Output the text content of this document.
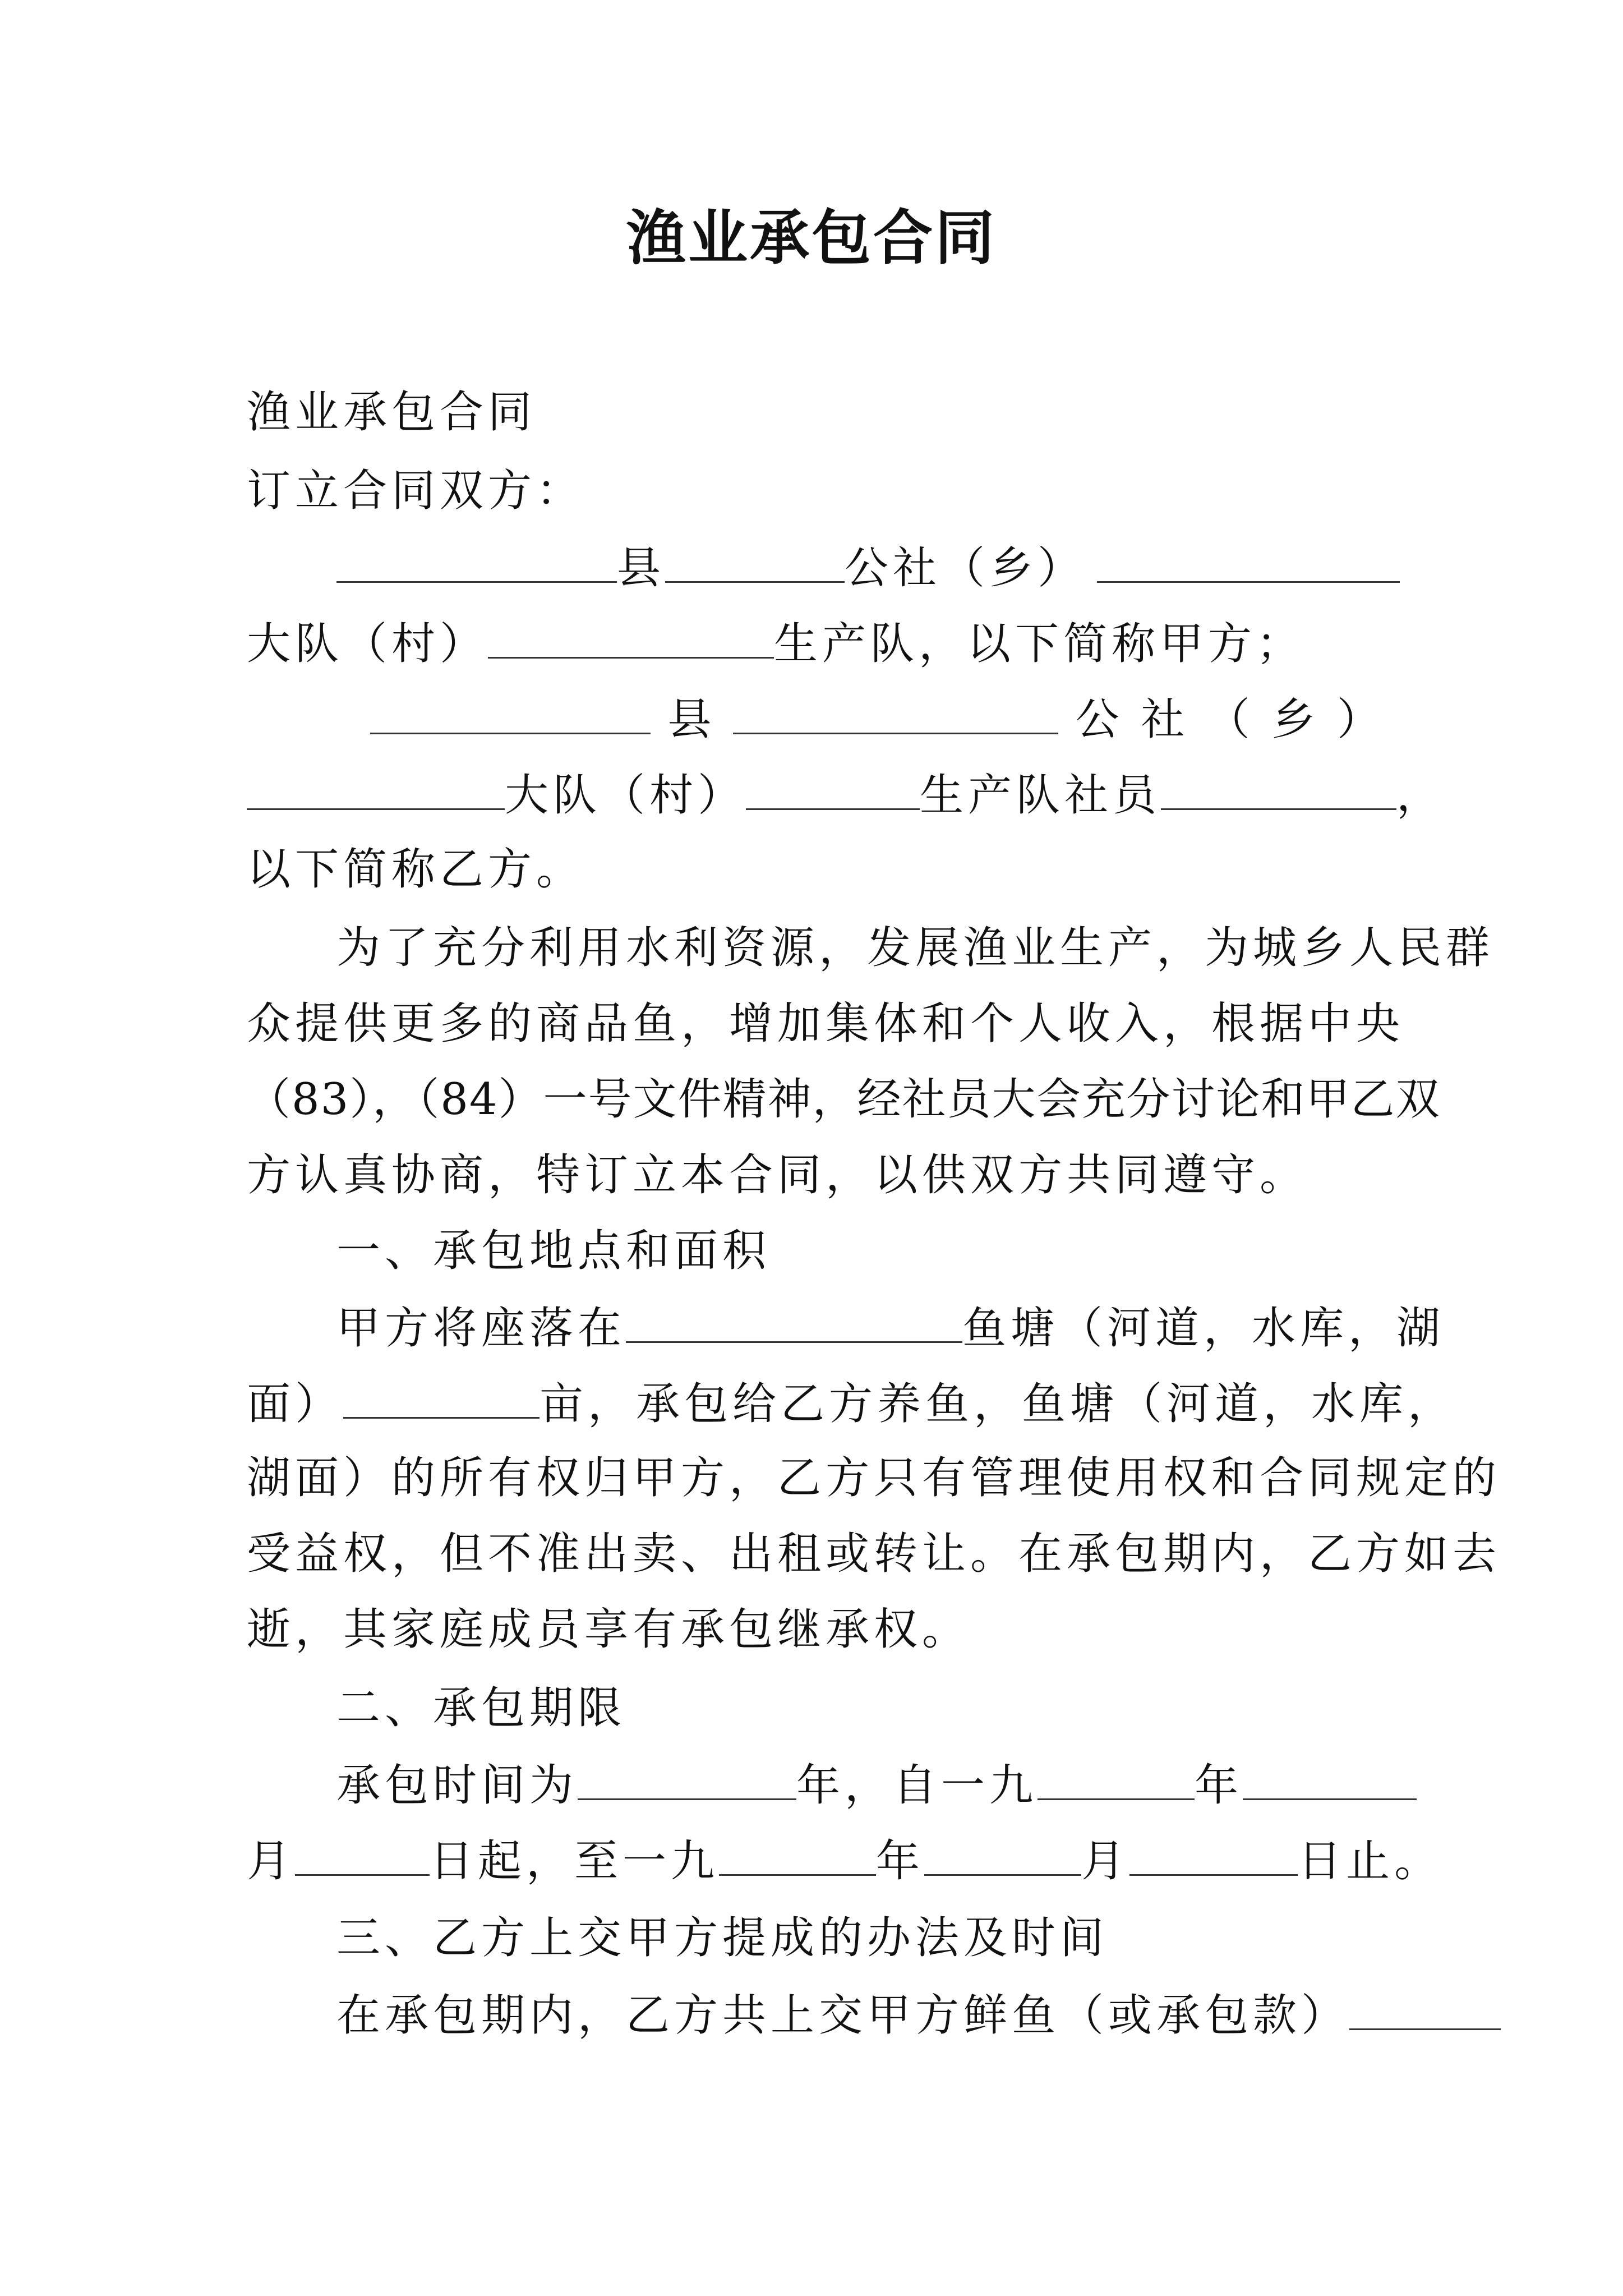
渔业承包合同
渔业承包合同
订立合同双方：
县	公社（乡）
大队（村）	生产队，以下简称甲方；
县	公 社 （ 乡 ）
大队（村）	生产队社员	，
以下简称乙方。
为了充分利用水利资源，发展渔业生产，为城乡人民群
众提供更多的商品鱼，增加集体和个人收入，根据中央
（83），（84）一号文件精神，经社员大会充分讨论和甲乙双
方认真协商，特订立本合同，以供双方共同遵守。
一、承包地点和面积
甲方将座落在	鱼塘（河道，水库，湖
面）	亩，承包给乙方养鱼，鱼塘（河道，水库，
湖面）的所有权归甲方，乙方只有管理使用权和合同规定的
受益权，但不准出卖、出租或转让。在承包期内，乙方如去
逝，其家庭成员享有承包继承权。
二、承包期限
承包时间为	年，自一九	年
月	日起，至一九	年	月	日止。
三、乙方上交甲方提成的办法及时间
在承包期内，乙方共上交甲方鲜鱼（或承包款）
